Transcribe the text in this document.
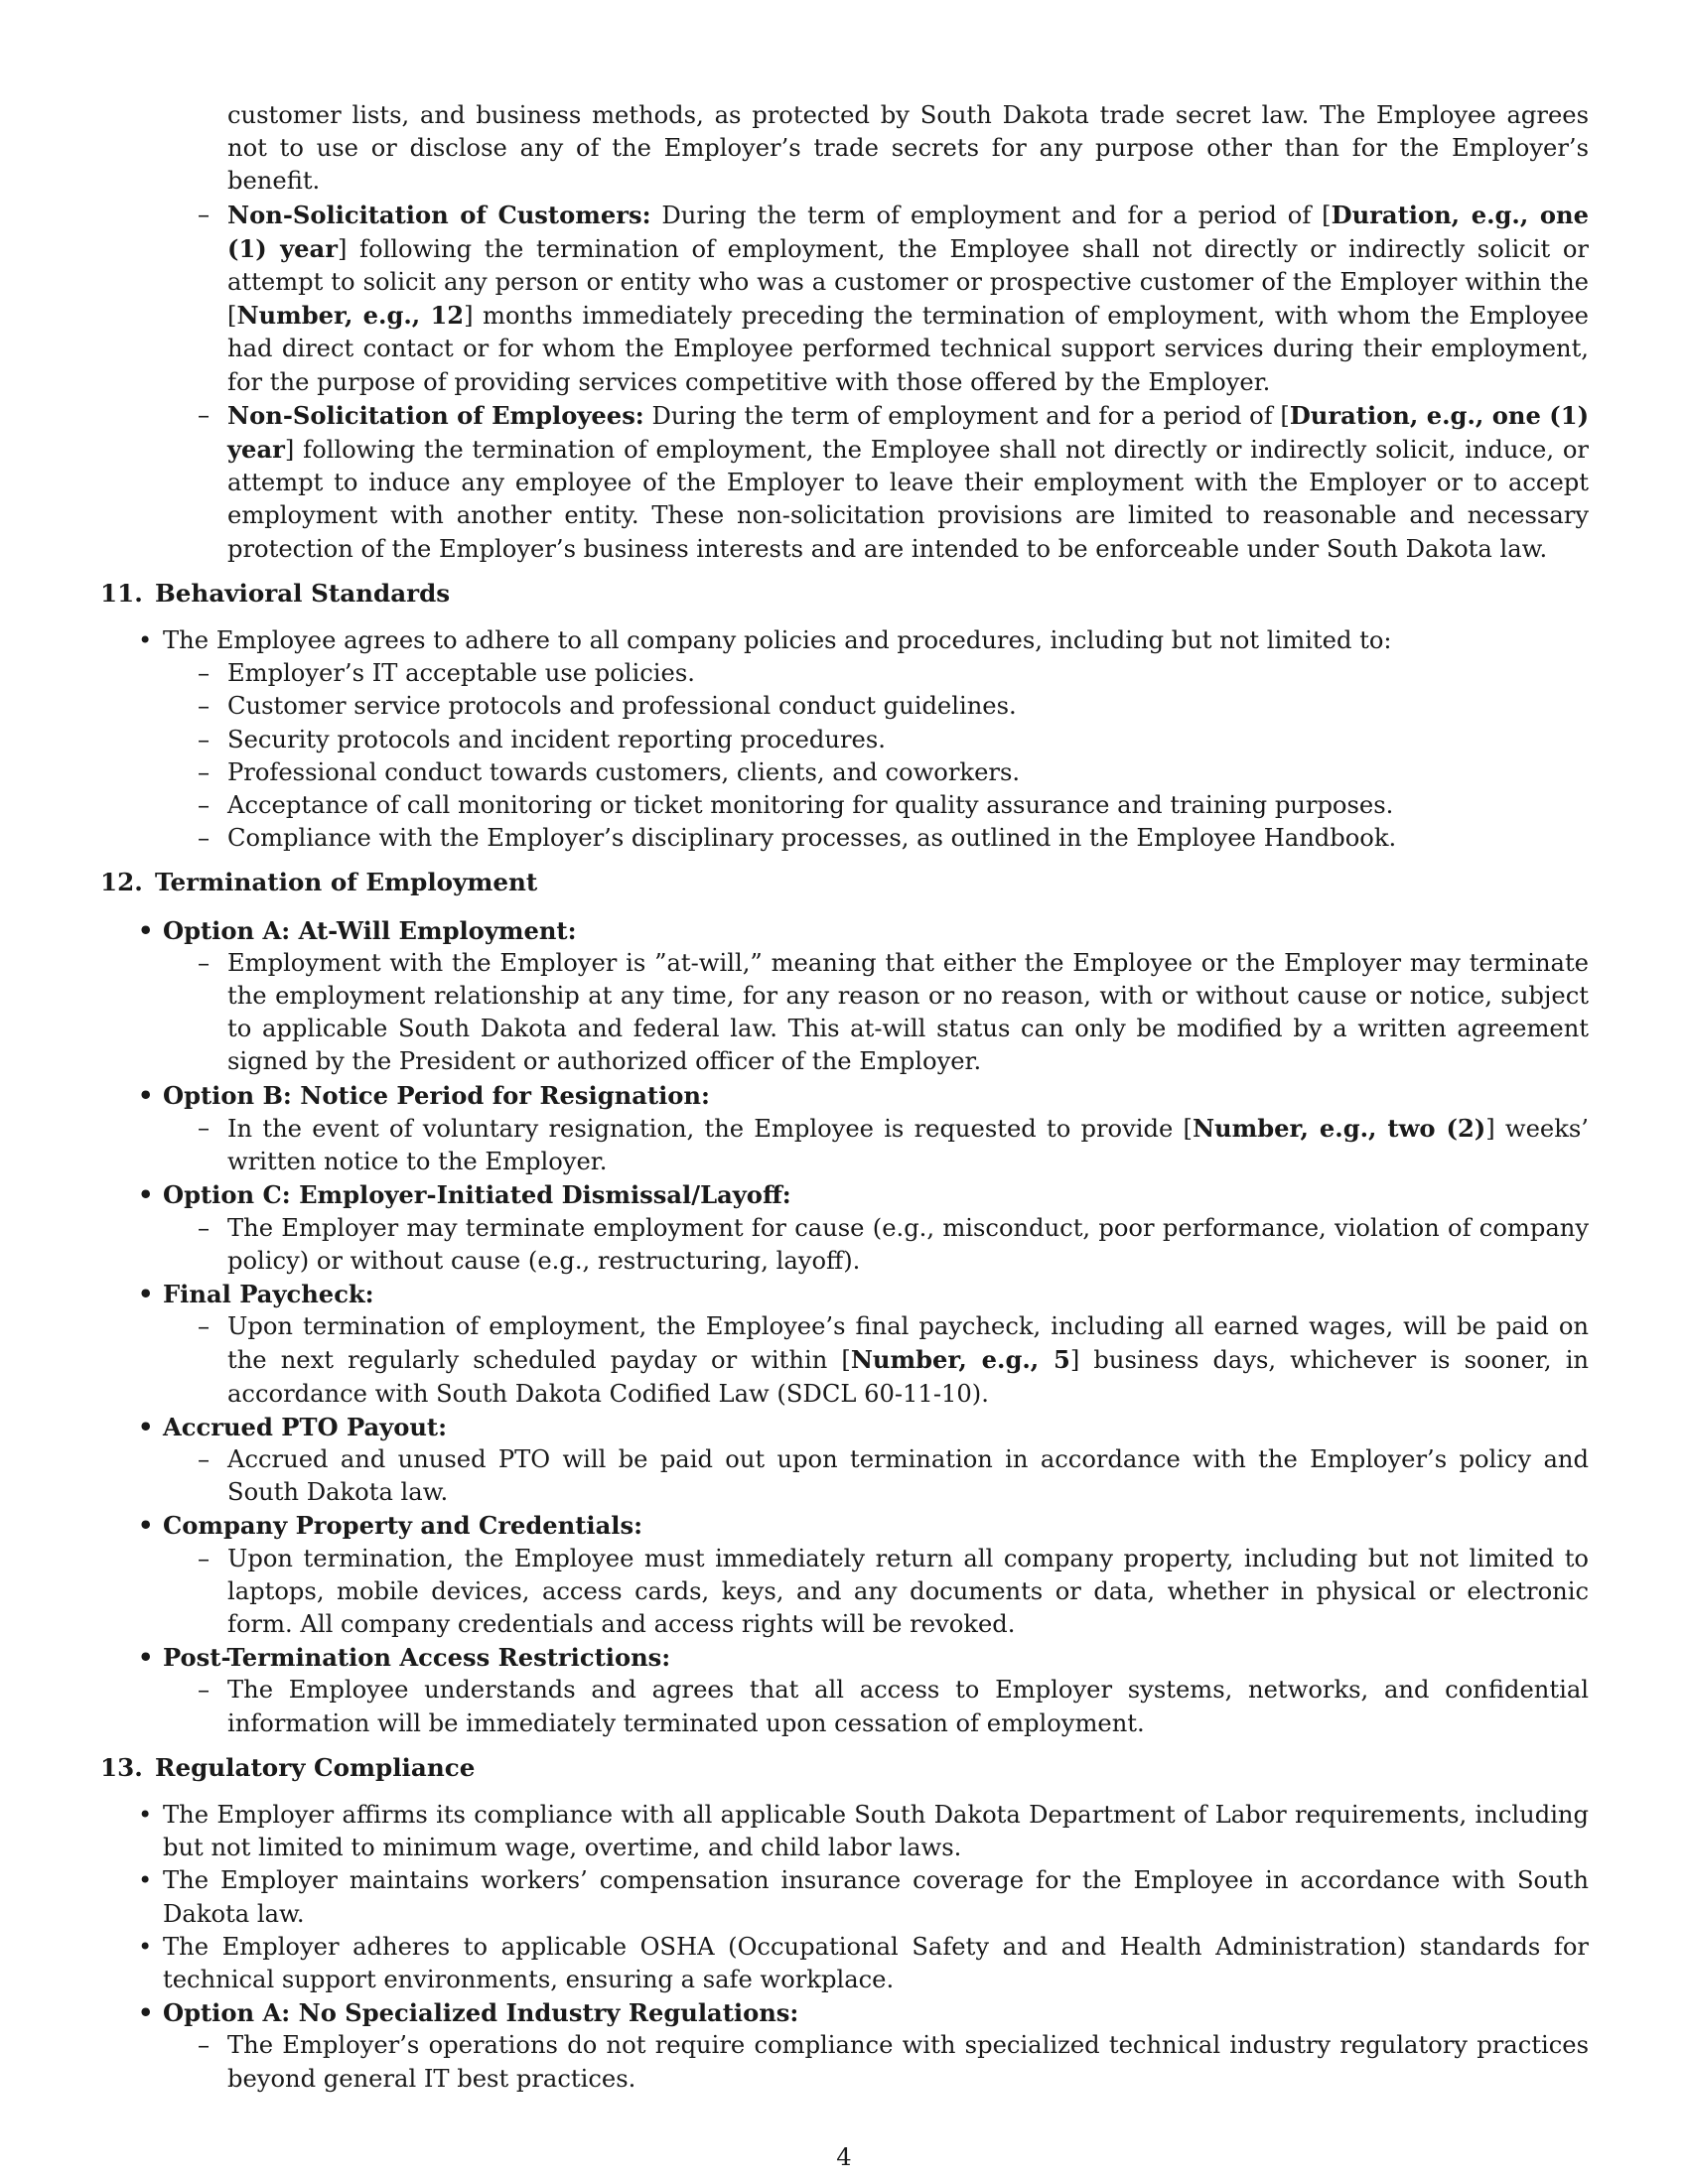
customer lists, and business methods, as protected by South Dakota trade secret law. The Employee agrees not to use or disclose any of the Employer’s trade secrets for any purpose other than for the Employer’s benefit.
– Non-Solicitation of Customers: During the term of employment and for a period of [Duration, e.g., one (1) year] following the termination of employment, the Employee shall not directly or indirectly solicit or attempt to solicit any person or entity who was a customer or prospective customer of the Employer within the [Number, e.g., 12] months immediately preceding the termination of employment, with whom the Employee had direct contact or for whom the Employee performed technical support services during their employment, for the purpose of providing services competitive with those offered by the Employer.
– Non-Solicitation of Employees: During the term of employment and for a period of [Duration, e.g., one (1) year] following the termination of employment, the Employee shall not directly or indirectly solicit, induce, or attempt to induce any employee of the Employer to leave their employment with the Employer or to accept employment with another entity. These non-solicitation provisions are limited to reasonable and necessary protection of the Employer’s business interests and are intended to be enforceable under South Dakota law.
11. Behavioral Standards
• The Employee agrees to adhere to all company policies and procedures, including but not limited to:
– Employer’s IT acceptable use policies.
– Customer service protocols and professional conduct guidelines.
– Security protocols and incident reporting procedures.
– Professional conduct towards customers, clients, and coworkers.
– Acceptance of call monitoring or ticket monitoring for quality assurance and training purposes.
– Compliance with the Employer’s disciplinary processes, as outlined in the Employee Handbook.
12. Termination of Employment
• Option A: At-Will Employment:
– Employment with the Employer is ”at-will,” meaning that either the Employee or the Employer may terminate the employment relationship at any time, for any reason or no reason, with or without cause or notice, subject to applicable South Dakota and federal law. This at-will status can only be modified by a written agreement signed by the President or authorized officer of the Employer.
• Option B: Notice Period for Resignation:
– In the event of voluntary resignation, the Employee is requested to provide [Number, e.g., two (2)] weeks’ written notice to the Employer.
• Option C: Employer-Initiated Dismissal/Layoff:
– The Employer may terminate employment for cause (e.g., misconduct, poor performance, violation of company policy) or without cause (e.g., restructuring, layoff).
• Final Paycheck:
– Upon termination of employment, the Employee’s final paycheck, including all earned wages, will be paid on the next regularly scheduled payday or within [Number, e.g., 5] business days, whichever is sooner, in accordance with South Dakota Codified Law (SDCL 60-11-10).
• Accrued PTO Payout:
– Accrued and unused PTO will be paid out upon termination in accordance with the Employer’s policy and South Dakota law.
• Company Property and Credentials:
– Upon termination, the Employee must immediately return all company property, including but not limited to laptops, mobile devices, access cards, keys, and any documents or data, whether in physical or electronic form. All company credentials and access rights will be revoked.
• Post-Termination Access Restrictions:
– The Employee understands and agrees that all access to Employer systems, networks, and confidential information will be immediately terminated upon cessation of employment.
13. Regulatory Compliance
• The Employer affirms its compliance with all applicable South Dakota Department of Labor requirements, including but not limited to minimum wage, overtime, and child labor laws.
• The Employer maintains workers’ compensation insurance coverage for the Employee in accordance with South Dakota law.
• The Employer adheres to applicable OSHA (Occupational Safety and and Health Administration) standards for technical support environments, ensuring a safe workplace.
• Option A: No Specialized Industry Regulations:
– The Employer’s operations do not require compliance with specialized technical industry regulatory practices beyond general IT best practices.
4
